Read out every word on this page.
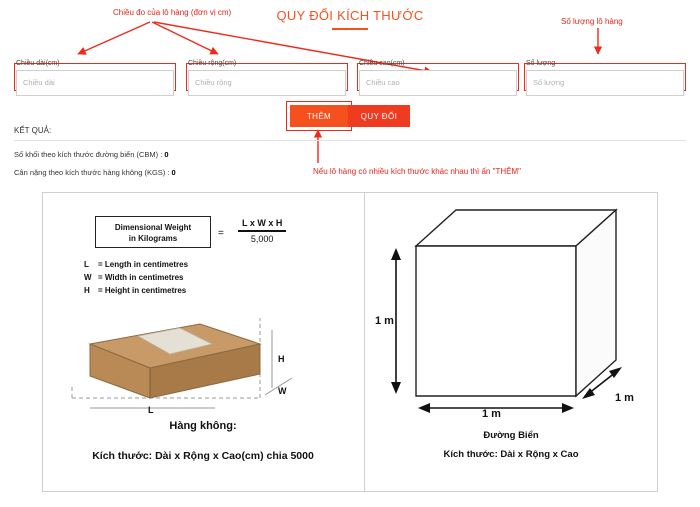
QUY ĐỔI KÍCH THƯỚC
Chiều đo của lô hàng (đơn vị cm)
Số lượng lô hàng
Nếu lô hàng có nhiều kích thước khác nhau thì ấn "THÊM"
Chiều dài(cm)
Chiều dài	Chiều rộng(cm)
Chiều rộng	Chiều cao(cm)
Chiều cao	Số lượng
Số lượng
THÊM	QUY ĐỔI
KẾT QUẢ:
Số khối theo kích thước đường biển (CBM) : 0
Cân nặng theo kích thước hàng không (KGS) : 0
Dimensional Weight
in Kilograms	=
L x W x H
5,000
L = Length in centimetres
W = Width in centimetres
H = Height in centimetres
H
L
W
Hàng không:
Kích thước: Dài x Rộng x Cao(cm) chia 5000
1 m
1 m
1 m
Đường Biển
Kích thước: Dài x Rộng x Cao
